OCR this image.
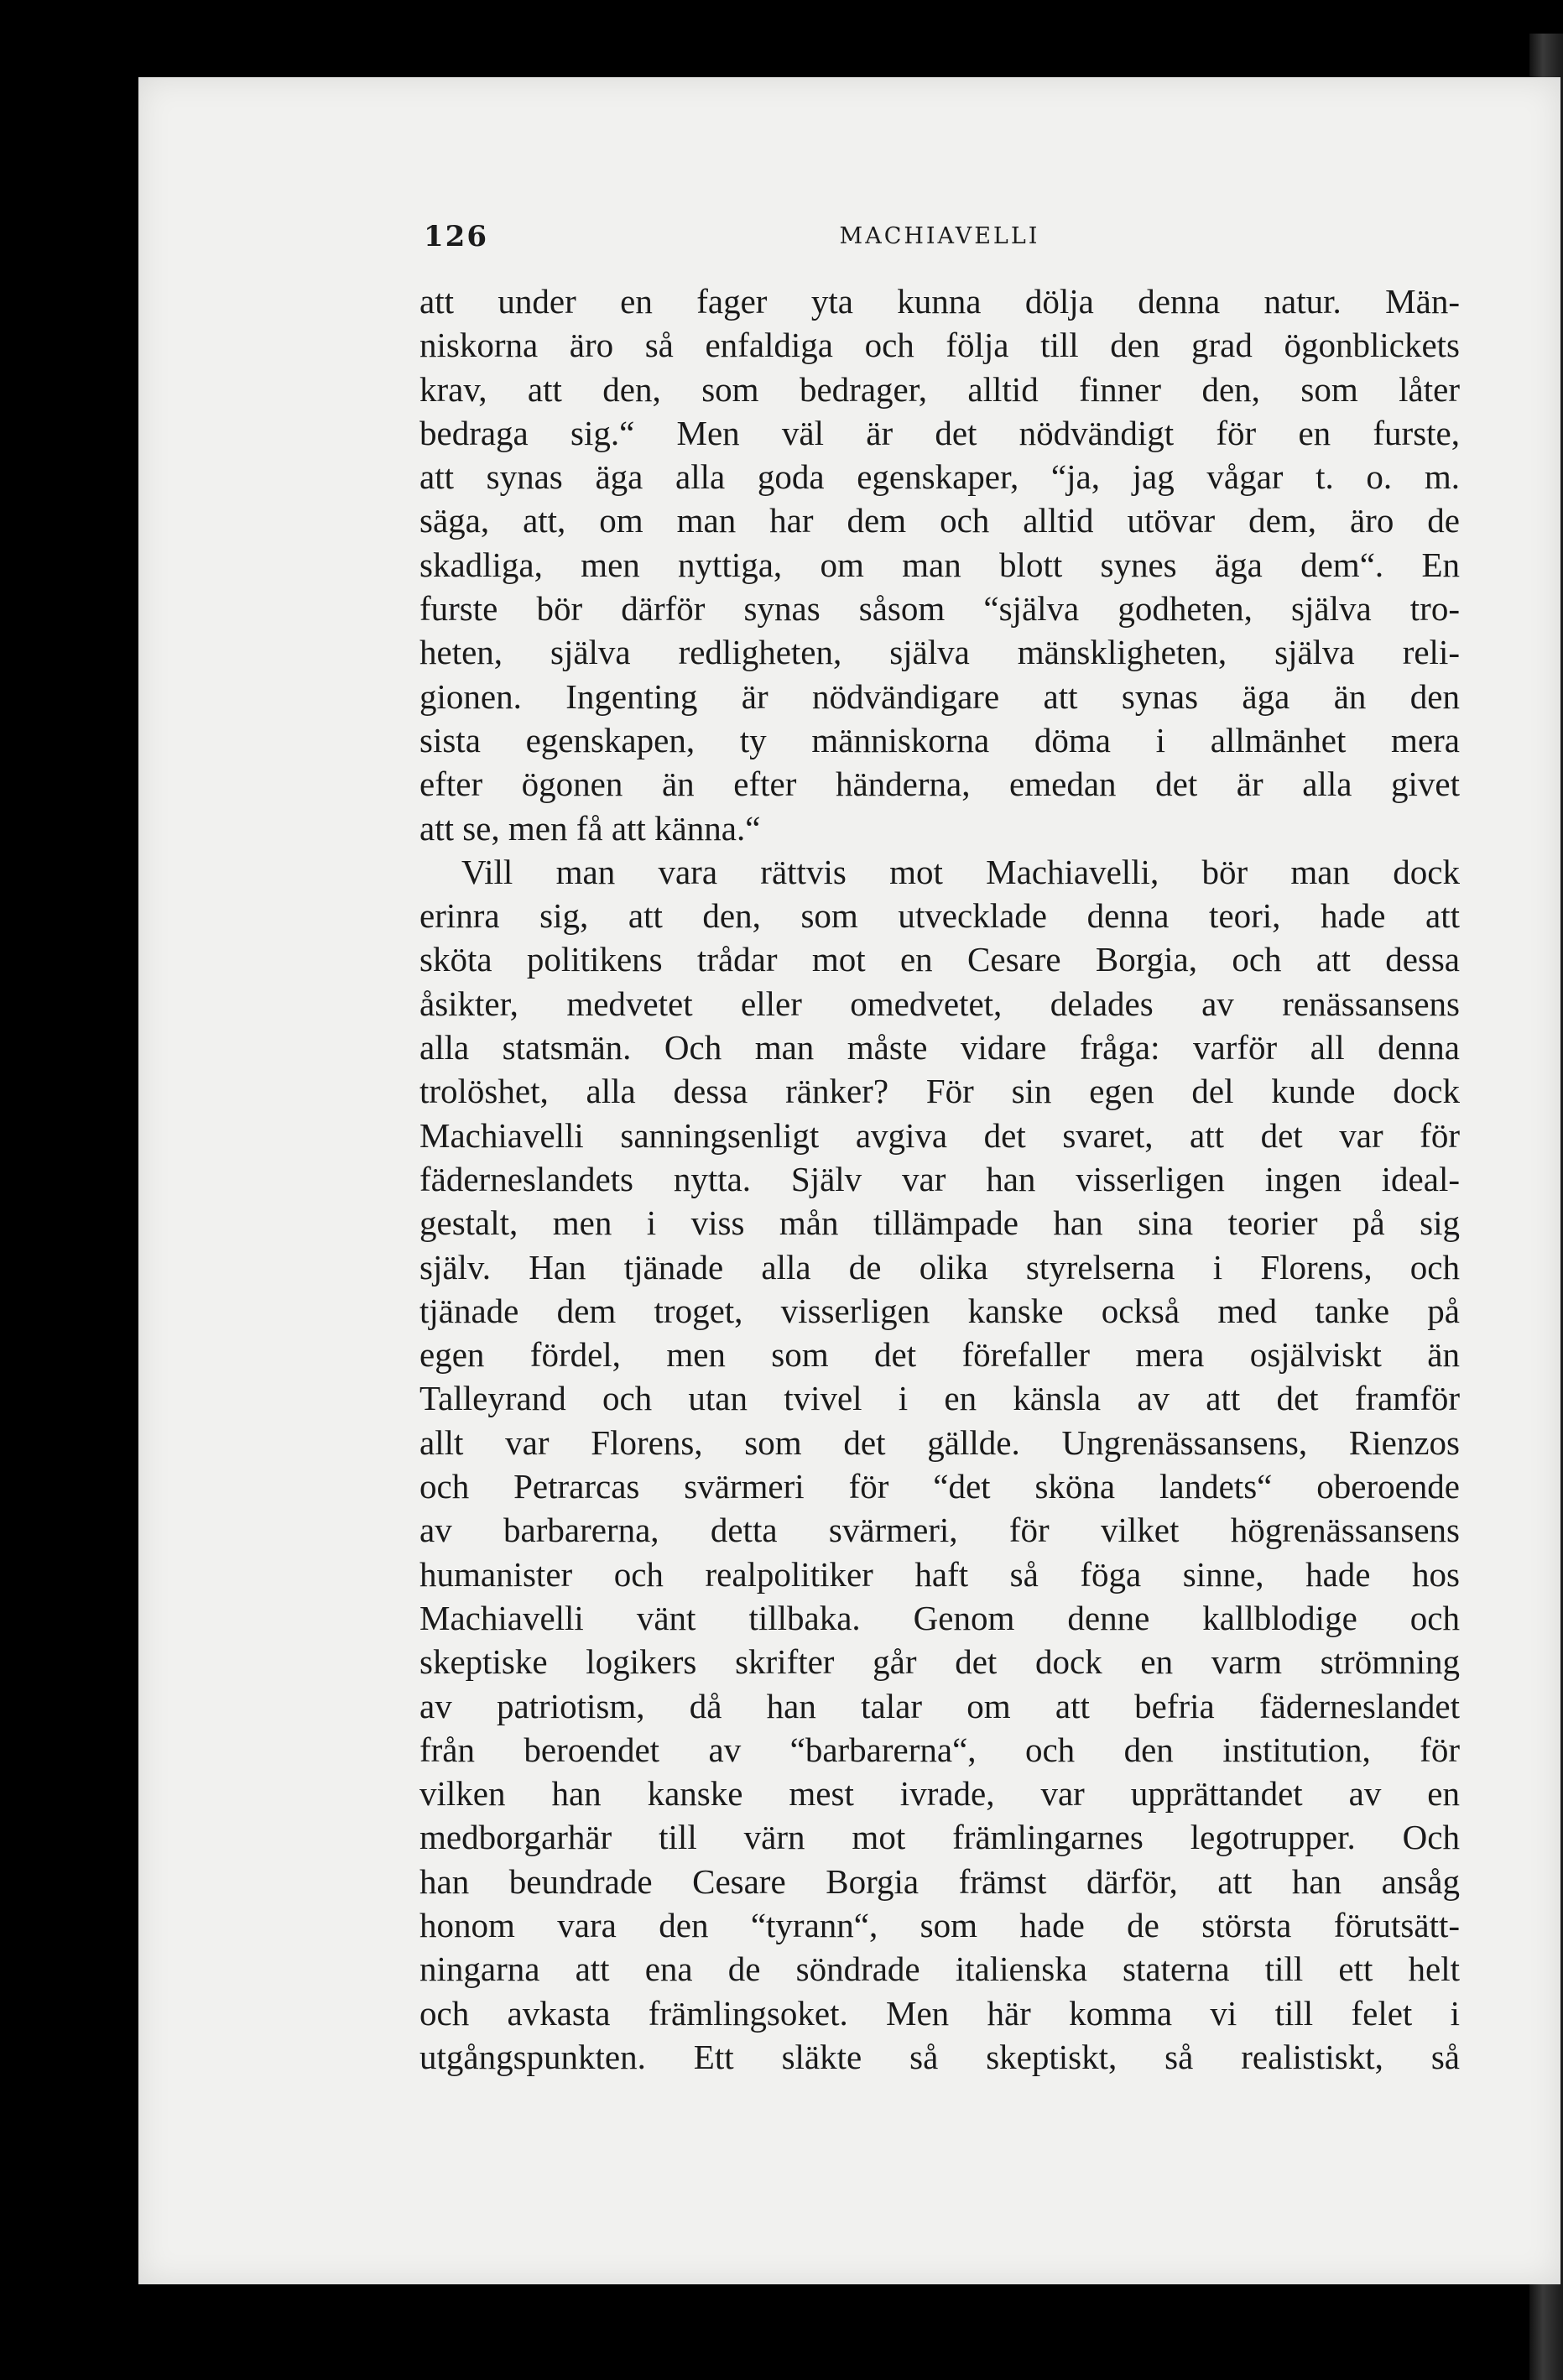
126	MACHIAVELLI
att under en fager yta kunna dölja denna natur. Män-
niskorna äro så enfaldiga och följa till den grad ögonblickets
krav, att den, som bedrager, alltid finner den, som låter
bedraga sig.“ Men väl är det nödvändigt för en furste,
att synas äga alla goda egenskaper, “ja, jag vågar t. o. m.
säga, att, om man har dem och alltid utövar dem, äro de
skadliga, men nyttiga, om man blott synes äga dem“. En
furste bör därför synas såsom “själva godheten, själva tro-
heten, själva redligheten, själva mänskligheten, själva reli-
gionen. Ingenting är nödvändigare att synas äga än den
sista egenskapen, ty människorna döma i allmänhet mera
efter ögonen än efter händerna, emedan det är alla givet
att se, men få att känna.“
Vill man vara rättvis mot Machiavelli, bör man dock
erinra sig, att den, som utvecklade denna teori, hade att
sköta politikens trådar mot en Cesare Borgia, och att dessa
åsikter, medvetet eller omedvetet, delades av renässansens
alla statsmän. Och man måste vidare fråga: varför all denna
trolöshet, alla dessa ränker? För sin egen del kunde dock
Machiavelli sanningsenligt avgiva det svaret, att det var för
fäderneslandets nytta. Själv var han visserligen ingen ideal-
gestalt, men i viss mån tillämpade han sina teorier på sig
själv. Han tjänade alla de olika styrelserna i Florens, och
tjänade dem troget, visserligen kanske också med tanke på
egen fördel, men som det förefaller mera osjälviskt än
Talleyrand och utan tvivel i en känsla av att det framför
allt var Florens, som det gällde. Ungrenässansens, Rienzos
och Petrarcas svärmeri för “det sköna landets“ oberoende
av barbarerna, detta svärmeri, för vilket högrenässansens
humanister och realpolitiker haft så föga sinne, hade hos
Machiavelli vänt tillbaka. Genom denne kallblodige och
skeptiske logikers skrifter går det dock en varm strömning
av patriotism, då han talar om att befria fäderneslandet
från beroendet av “barbarerna“, och den institution, för
vilken han kanske mest ivrade, var upprättandet av en
medborgarhär till värn mot främlingarnes legotrupper. Och
han beundrade Cesare Borgia främst därför, att han ansåg
honom vara den “tyrann“, som hade de största förutsätt-
ningarna att ena de söndrade italienska staterna till ett helt
och avkasta främlingsoket. Men här komma vi till felet i
utgångspunkten. Ett släkte så skeptiskt, så realistiskt, så
